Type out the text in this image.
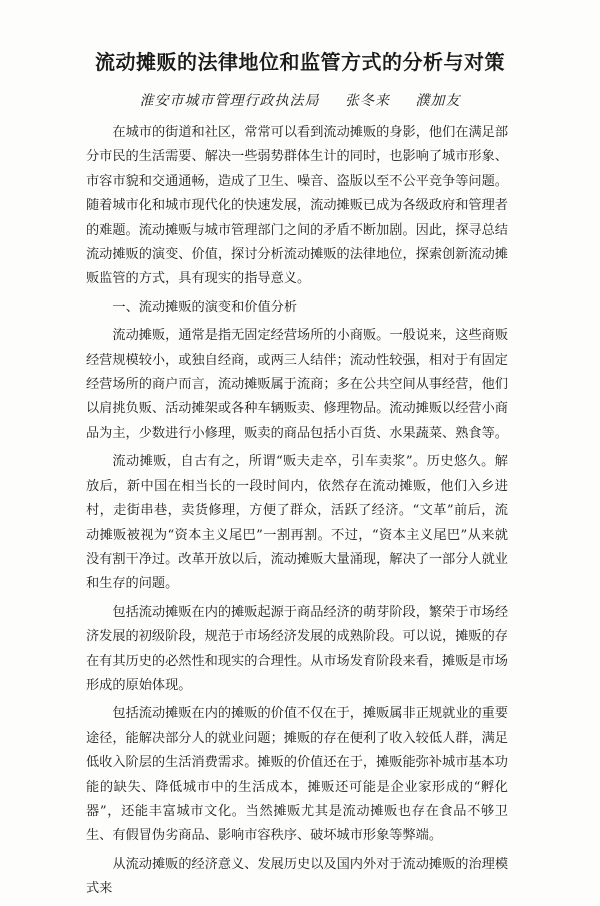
流动摊贩的法律地位和监管方式的分析与对策
淮安市城市管理行政执法局 张冬来 濮加友

在城市的街道和社区，常常可以看到流动摊贩的身影，他们在满足部分市民的生活需要、解决一些弱势群体生计的同时，也影响了城市形象、市容市貌和交通通畅，造成了卫生、噪音、盗版以至不公平竞争等问题。随着城市化和城市现代化的快速发展，流动摊贩已成为各级政府和管理者的难题。流动摊贩与城市管理部门之间的矛盾不断加剧。因此，探寻总结流动摊贩的演变、价值，探讨分析流动摊贩的法律地位，探索创新流动摊贩监管的方式，具有现实的指导意义。

一、流动摊贩的演变和价值分析

流动摊贩，通常是指无固定经营场所的小商贩。一般说来，这些商贩经营规模较小，或独自经商，或两三人结伴；流动性较强，相对于有固定经营场所的商户而言，流动摊贩属于流商；多在公共空间从事经营，他们以肩挑负贩、活动摊架或各种车辆贩卖、修理物品。流动摊贩以经营小商品为主，少数进行小修理，贩卖的商品包括小百货、水果蔬菜、熟食等。

流动摊贩，自古有之，所谓“贩夫走卒，引车卖浆”。历史悠久。解放后，新中国在相当长的一段时间内，依然存在流动摊贩，他们入乡进村，走街串巷，卖货修理，方便了群众，活跃了经济。“文革”前后，流动摊贩被视为“资本主义尾巴”一割再割。不过，“资本主义尾巴”从来就没有割干净过。改革开放以后，流动摊贩大量涌现，解决了一部分人就业和生存的问题。

包括流动摊贩在内的摊贩起源于商品经济的萌芽阶段，繁荣于市场经济发展的初级阶段，规范于市场经济发展的成熟阶段。可以说，摊贩的存在有其历史的必然性和现实的合理性。从市场发育阶段来看，摊贩是市场形成的原始体现。

包括流动摊贩在内的摊贩的价值不仅在于，摊贩属非正规就业的重要途径，能解决部分人的就业问题；摊贩的存在便利了收入较低人群，满足低收入阶层的生活消费需求。摊贩的价值还在于，摊贩能弥补城市基本功能的缺失、降低城市中的生活成本，摊贩还可能是企业家形成的“孵化器”，还能丰富城市文化。当然摊贩尤其是流动摊贩也存在食品不够卫生、有假冒伪劣商品、影响市容秩序、破坏城市形象等弊端。

从流动摊贩的经济意义、发展历史以及国内外对于流动摊贩的治理模式来
